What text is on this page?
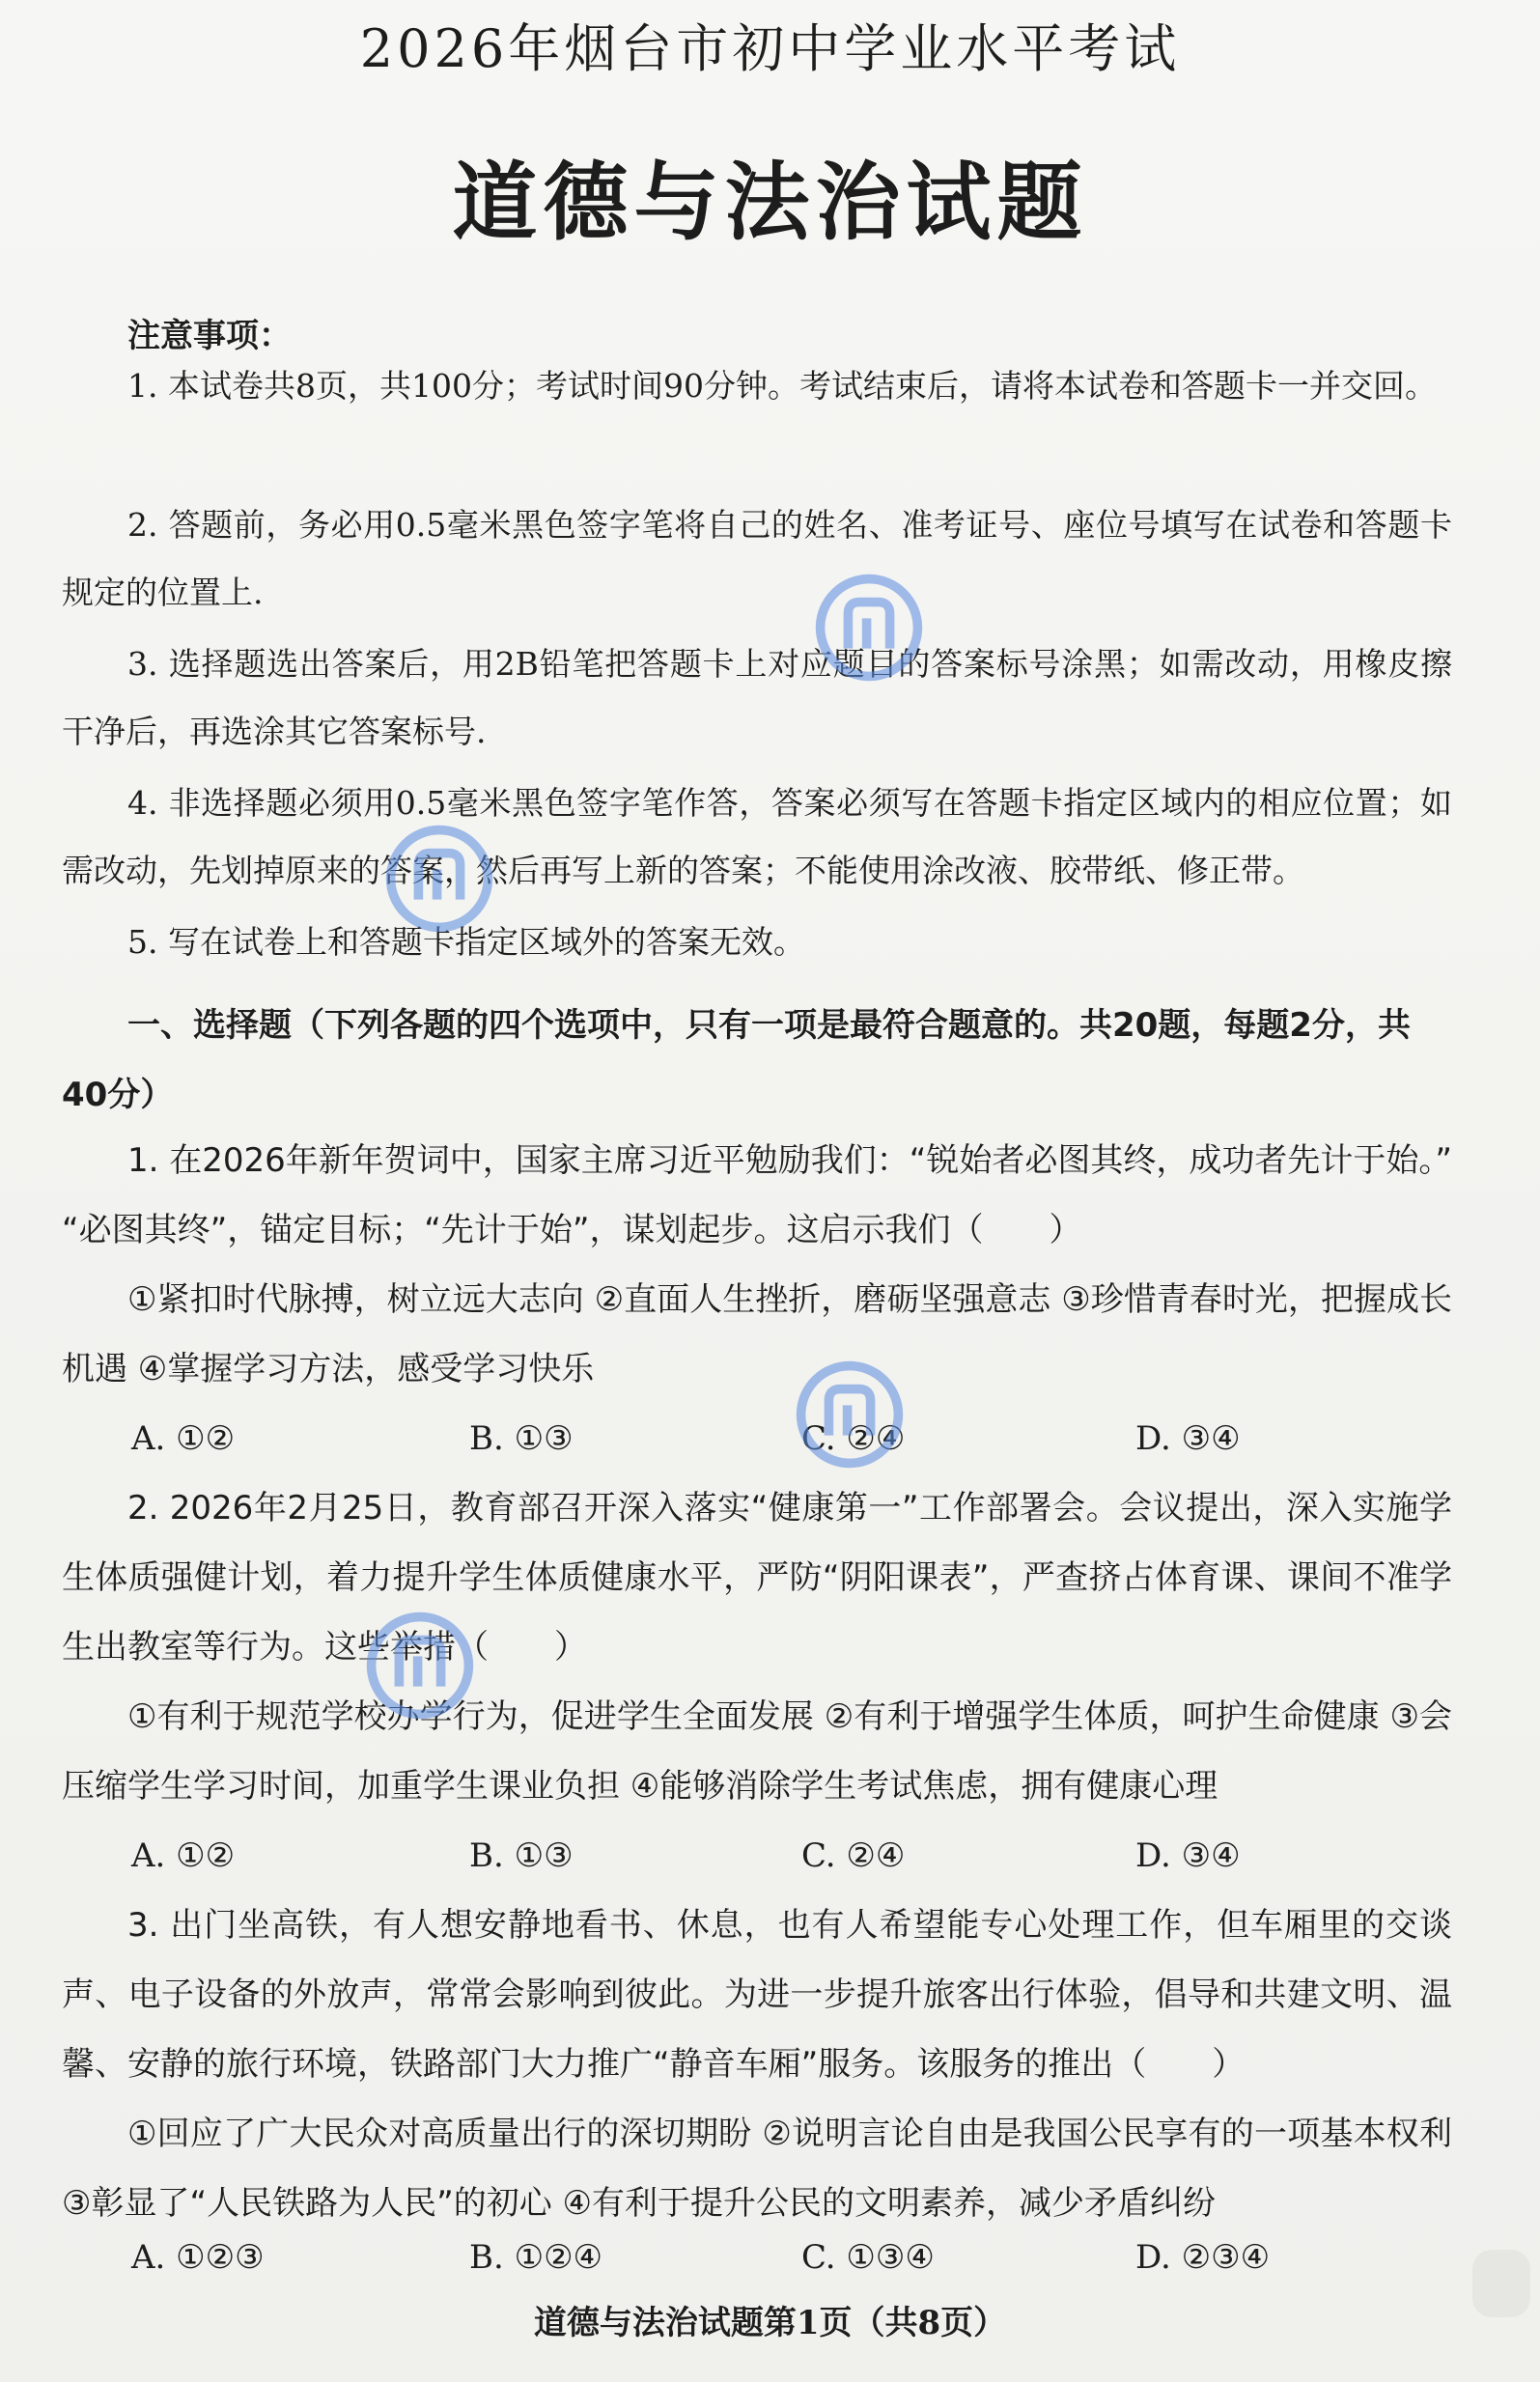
2026年烟台市初中学业水平考试
道德与法治试题
注意事项：
1. 本试卷共8页，共100分；考试时间90分钟。考试结束后，请将本试卷和答题卡一并交回。
2. 答题前，务必用0.5毫米黑色签字笔将自己的姓名、准考证号、座位号填写在试卷和答题卡规定的位置上.
3. 选择题选出答案后，用2B铅笔把答题卡上对应题目的答案标号涂黑；如需改动，用橡皮擦干净后，再选涂其它答案标号.
4. 非选择题必须用0.5毫米黑色签字笔作答，答案必须写在答题卡指定区域内的相应位置；如需改动，先划掉原来的答案，然后再写上新的答案；不能使用涂改液、胶带纸、修正带。
5. 写在试卷上和答题卡指定区域外的答案无效。
一、选择题（下列各题的四个选项中，只有一项是最符合题意的。共20题，每题2分，共40分）
1. 在2026年新年贺词中，国家主席习近平勉励我们：“锐始者必图其终，成功者先计于始。” “必图其终”，锚定目标；“先计于始”，谋划起步。这启示我们（　　）
①紧扣时代脉搏，树立远大志向 ②直面人生挫折，磨砺坚强意志 ③珍惜青春时光，把握成长机遇 ④掌握学习方法，感受学习快乐
A. ①②	B. ①③	C. ②④	D. ③④
2. 2026年2月25日，教育部召开深入落实“健康第一”工作部署会。会议提出，深入实施学生体质强健计划，着力提升学生体质健康水平，严防“阴阳课表”，严查挤占体育课、课间不准学生出教室等行为。这些举措（　　）
①有利于规范学校办学行为，促进学生全面发展 ②有利于增强学生体质，呵护生命健康 ③会压缩学生学习时间，加重学生课业负担 ④能够消除学生考试焦虑，拥有健康心理
A. ①②	B. ①③	C. ②④	D. ③④
3. 出门坐高铁，有人想安静地看书、休息，也有人希望能专心处理工作，但车厢里的交谈声、电子设备的外放声，常常会影响到彼此。为进一步提升旅客出行体验，倡导和共建文明、温馨、安静的旅行环境，铁路部门大力推广“静音车厢”服务。该服务的推出（　　）
①回应了广大民众对高质量出行的深切期盼 ②说明言论自由是我国公民享有的一项基本权利 ③彰显了“人民铁路为人民”的初心 ④有利于提升公民的文明素养，减少矛盾纠纷
A. ①②③	B. ①②④	C. ①③④	D. ②③④
道德与法治试题第1页（共8页）
